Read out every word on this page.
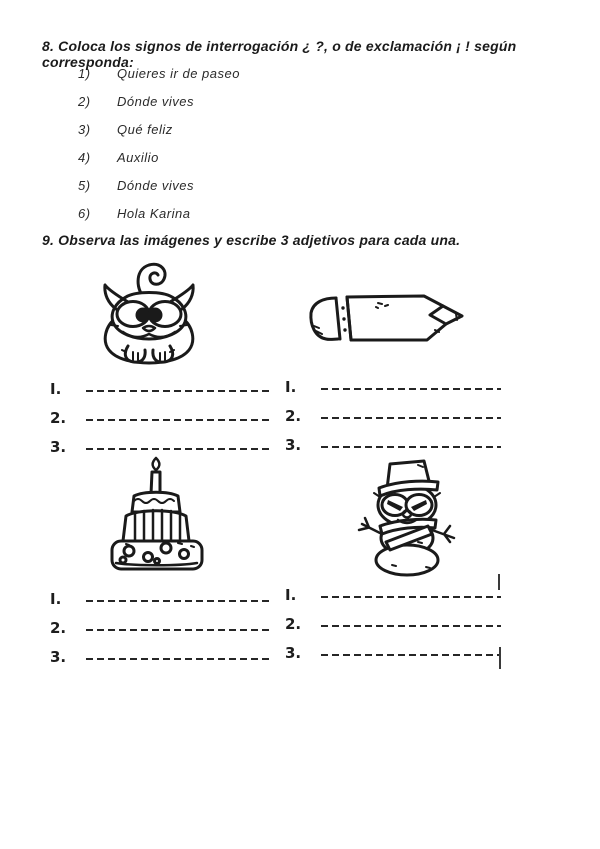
8. Coloca los signos de interrogación ¿ ?, o de exclamación ¡ ! según corresponda:
1) Quieres ir de paseo
2) Dónde vives
3) Qué feliz
4) Auxilio
5) Dónde vives
6) Hola Karina
9. Observa las imágenes y escribe 3 adjetivos para cada una.
I.
2.
3.
I.
2.
3.
I.
2.
3.
I.
2.
3.
